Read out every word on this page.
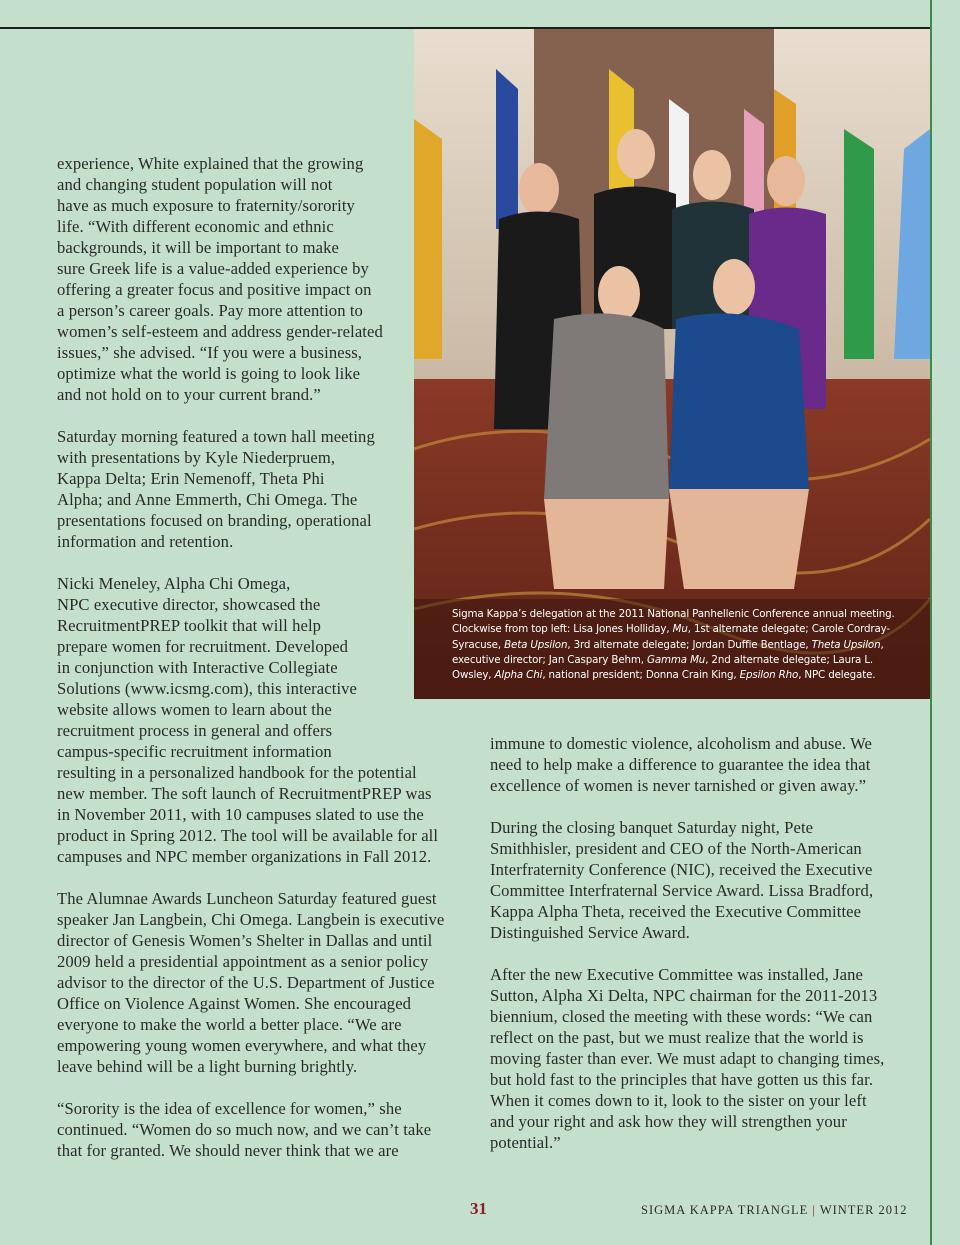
experience, White explained that the growing
and changing student population will not
have as much exposure to fraternity/sorority
life. “With different economic and ethnic
backgrounds, it will be important to make
sure Greek life is a value-added experience by
offering a greater focus and positive impact on
a person’s career goals. Pay more attention to
women’s self-esteem and address gender-related
issues,” she advised. “If you were a business,
optimize what the world is going to look like
and not hold on to your current brand.”

Saturday morning featured a town hall meeting
with presentations by Kyle Niederpruem,
Kappa Delta; Erin Nemenoff, Theta Phi
Alpha; and Anne Emmerth, Chi Omega. The
presentations focused on branding, operational
information and retention.

Nicki Meneley, Alpha Chi Omega,
NPC executive director, showcased the
RecruitmentPREP toolkit that will help
prepare women for recruitment. Developed
in conjunction with Interactive Collegiate
Solutions (www.icsmg.com), this interactive
website allows women to learn about the
recruitment process in general and offers
campus-specific recruitment information
resulting in a personalized handbook for the potential
new member. The soft launch of RecruitmentPREP was
in November 2011, with 10 campuses slated to use the
product in Spring 2012. The tool will be available for all
campuses and NPC member organizations in Fall 2012.

The Alumnae Awards Luncheon Saturday featured guest
speaker Jan Langbein, Chi Omega. Langbein is executive
director of Genesis Women’s Shelter in Dallas and until
2009 held a presidential appointment as a senior policy
advisor to the director of the U.S. Department of Justice
Office on Violence Against Women. She encouraged
everyone to make the world a better place. “We are
empowering young women everywhere, and what they
leave behind will be a light burning brightly.

“Sorority is the idea of excellence for women,” she
continued. “Women do so much now, and we can’t take
that for granted. We should never think that we are

Sigma Kappa’s delegation at the 2011 National Panhellenic Conference annual meeting.
Clockwise from top left: Lisa Jones Holliday, Mu, 1st alternate delegate; Carole Cordray-
Syracuse, Beta Upsilon, 3rd alternate delegate; Jordan Duffie Bentlage, Theta Upsilon,
executive director; Jan Caspary Behm, Gamma Mu, 2nd alternate delegate; Laura L.
Owsley, Alpha Chi, national president; Donna Crain King, Epsilon Rho, NPC delegate.

immune to domestic violence, alcoholism and abuse. We
need to help make a difference to guarantee the idea that
excellence of women is never tarnished or given away.”

During the closing banquet Saturday night, Pete
Smithhisler, president and CEO of the North-American
Interfraternity Conference (NIC), received the Executive
Committee Interfraternal Service Award. Lissa Bradford,
Kappa Alpha Theta, received the Executive Committee
Distinguished Service Award.

After the new Executive Committee was installed, Jane
Sutton, Alpha Xi Delta, NPC chairman for the 2011-2013
biennium, closed the meeting with these words: “We can
reflect on the past, but we must realize that the world is
moving faster than ever. We must adapt to changing times,
but hold fast to the principles that have gotten us this far.
When it comes down to it, look to the sister on your left
and your right and ask how they will strengthen your
potential.”

31	SIGMA KAPPA TRIANGLE | WINTER 2012
